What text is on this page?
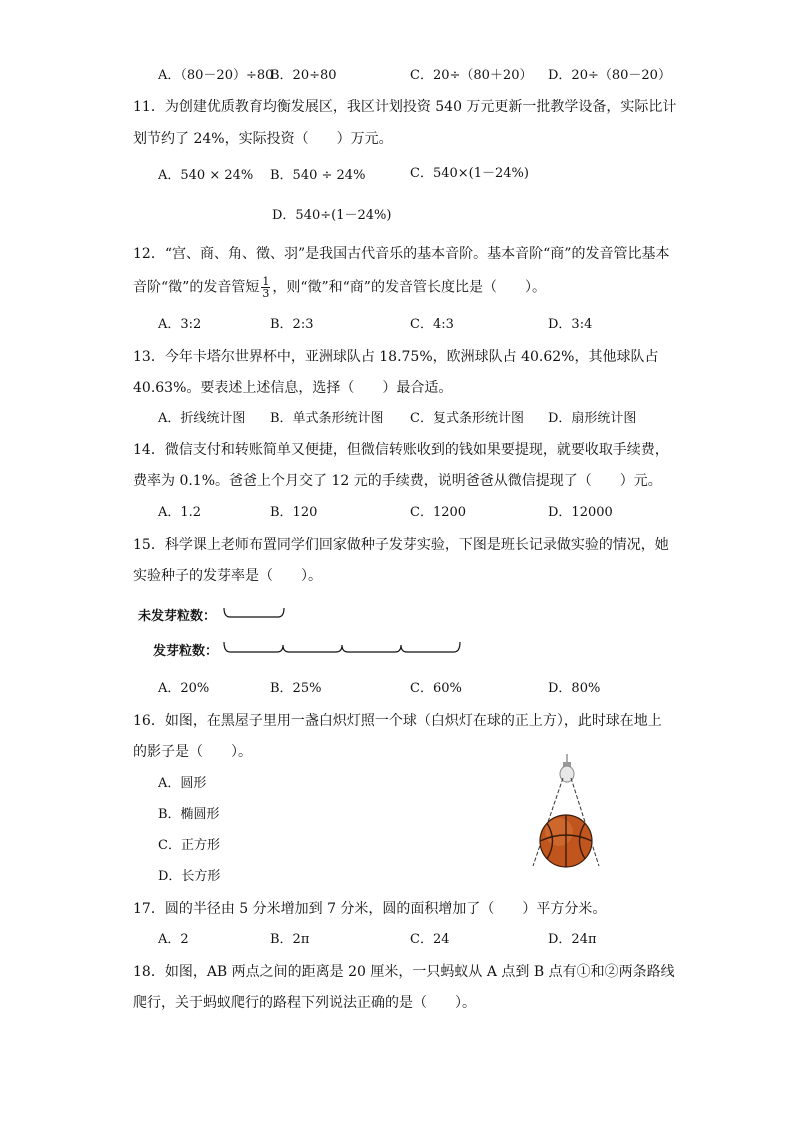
A．（80－20）÷80
B．20÷80	C．20÷（80＋20） D．20÷（80－20）
11．为创建优质教育均衡发展区，我区计划投资 540 万元更新一批教学设备，实际比计
划节约了 24%，实际投资（　　）万元。
A．540 × 24% B．540 ÷ 24%	C．540×(1－24%)
D．540÷(1－24%)
12．“宫、商、角、徵、羽”是我国古代音乐的基本音阶。基本音阶“商”的发音管比基本
音阶“徵”的发音管短 $\frac{1}{3}$ ，则“徵”和“商”的发音管长度比是（　　）。
A．3:2	B．2:3	C．4:3	D．3:4
13．今年卡塔尔世界杯中，亚洲球队占 18.75%，欧洲球队占 40.62%，其他球队占
40.63%。要表述上述信息，选择（　　）最合适。
A．折线统计图 B．单式条形统计图 C．复式条形统计图 D．扇形统计图
14．微信支付和转账简单又便捷，但微信转账收到的钱如果要提现，就要收取手续费，
费率为 0.1%。爸爸上个月交了 12 元的手续费，说明爸爸从微信提现了（　　）元。
A．1.2	B．120	C．1200	D．12000
15．科学课上老师布置同学们回家做种子发芽实验，下图是班长记录做实验的情况，她
实验种子的发芽率是（　　）。
未发芽粒数：
发芽粒数：
A．20%	B．25%	C．60%	D．80%
16．如图，在黑屋子里用一盏白炽灯照一个球（白炽灯在球的正上方），此时球在地上
的影子是（　　）。
A．圆形
B．椭圆形
C．正方形
D．长方形
17．圆的半径由 5 分米增加到 7 分米，圆的面积增加了（　　）平方分米。
A．2	B．2π	C．24	D．24π
18．如图，AB 两点之间的距离是 20 厘米，一只蚂蚁从 A 点到 B 点有①和②两条路线
爬行，关于蚂蚁爬行的路程下列说法正确的是（　　）。
